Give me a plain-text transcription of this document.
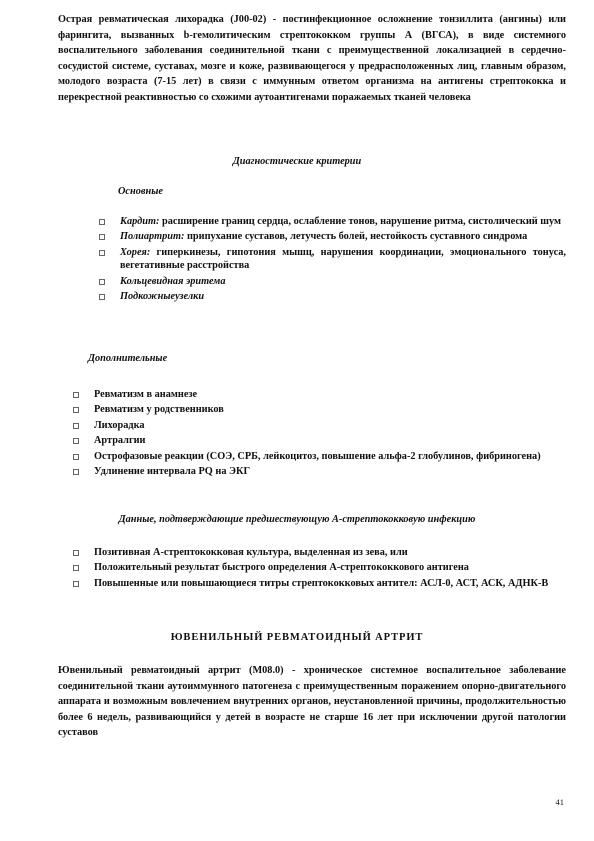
Острая ревматическая лихорадка (J00-02) - постинфекционное осложнение тонзиллита (ангины) или фарингита, вызванных b-гемолитическим стрептококком группы А (ВГСА), в виде системного воспалительного заболевания соединительной ткани с преимущественной локализацией в сердечно-сосудистой системе, суставах, мозге и коже, развивающегося у предрасположенных лиц, главным образом, молодого возраста (7-15 лет) в связи с иммунным ответом организма на антигены стрептококка и перекрестной реактивностью со схожими аутоантигенами поражаемых тканей человека

Диагностические критерии

Основные

Кардит: расширение границ сердца, ослабление тонов, нарушение ритма, систолический шум
Полиартрит: припухание суставов, летучесть болей, нестойкость суставного синдрома
Хорея: гиперкинезы, гипотония мышц, нарушения координации, эмоционального тонуса, вегетативные расстройства
Кольцевидная эритема
Подкожныеузелки

Дополнительные

Ревматизм в анамнезе
Ревматизм у родственников
Лихорадка
Артралгии
Острофазовые реакции (СОЭ, СРБ, лейкоцитоз, повышение альфа-2 глобулинов, фибриногена)
Удлинение интервала PQ на ЭКГ

Данные, подтверждающие предшествующую А-стрептококковую инфекцию

Позитивная А-стрептококковая культура, выделенная из зева, или
Положительный результат быстрого определения А-стрептококкового антигена
Повышенные или повышающиеся титры стрептококковых антител: АСЛ-0, АСТ, АСК, АДНК-В

ЮВЕНИЛЬНЫЙ РЕВМАТОИДНЫЙ АРТРИТ

Ювенильный ревматоидный артрит (М08.0) - хроническое системное воспалительное заболевание соединительной ткани аутоиммунного патогенеза с преимущественным поражением опорно-двигательного аппарата и возможным вовлечением внутренних органов, неустановленной причины, продолжительностью более 6 недель, развивающийся у детей в возрасте не старше 16 лет при исключении другой патологии суставов

41
